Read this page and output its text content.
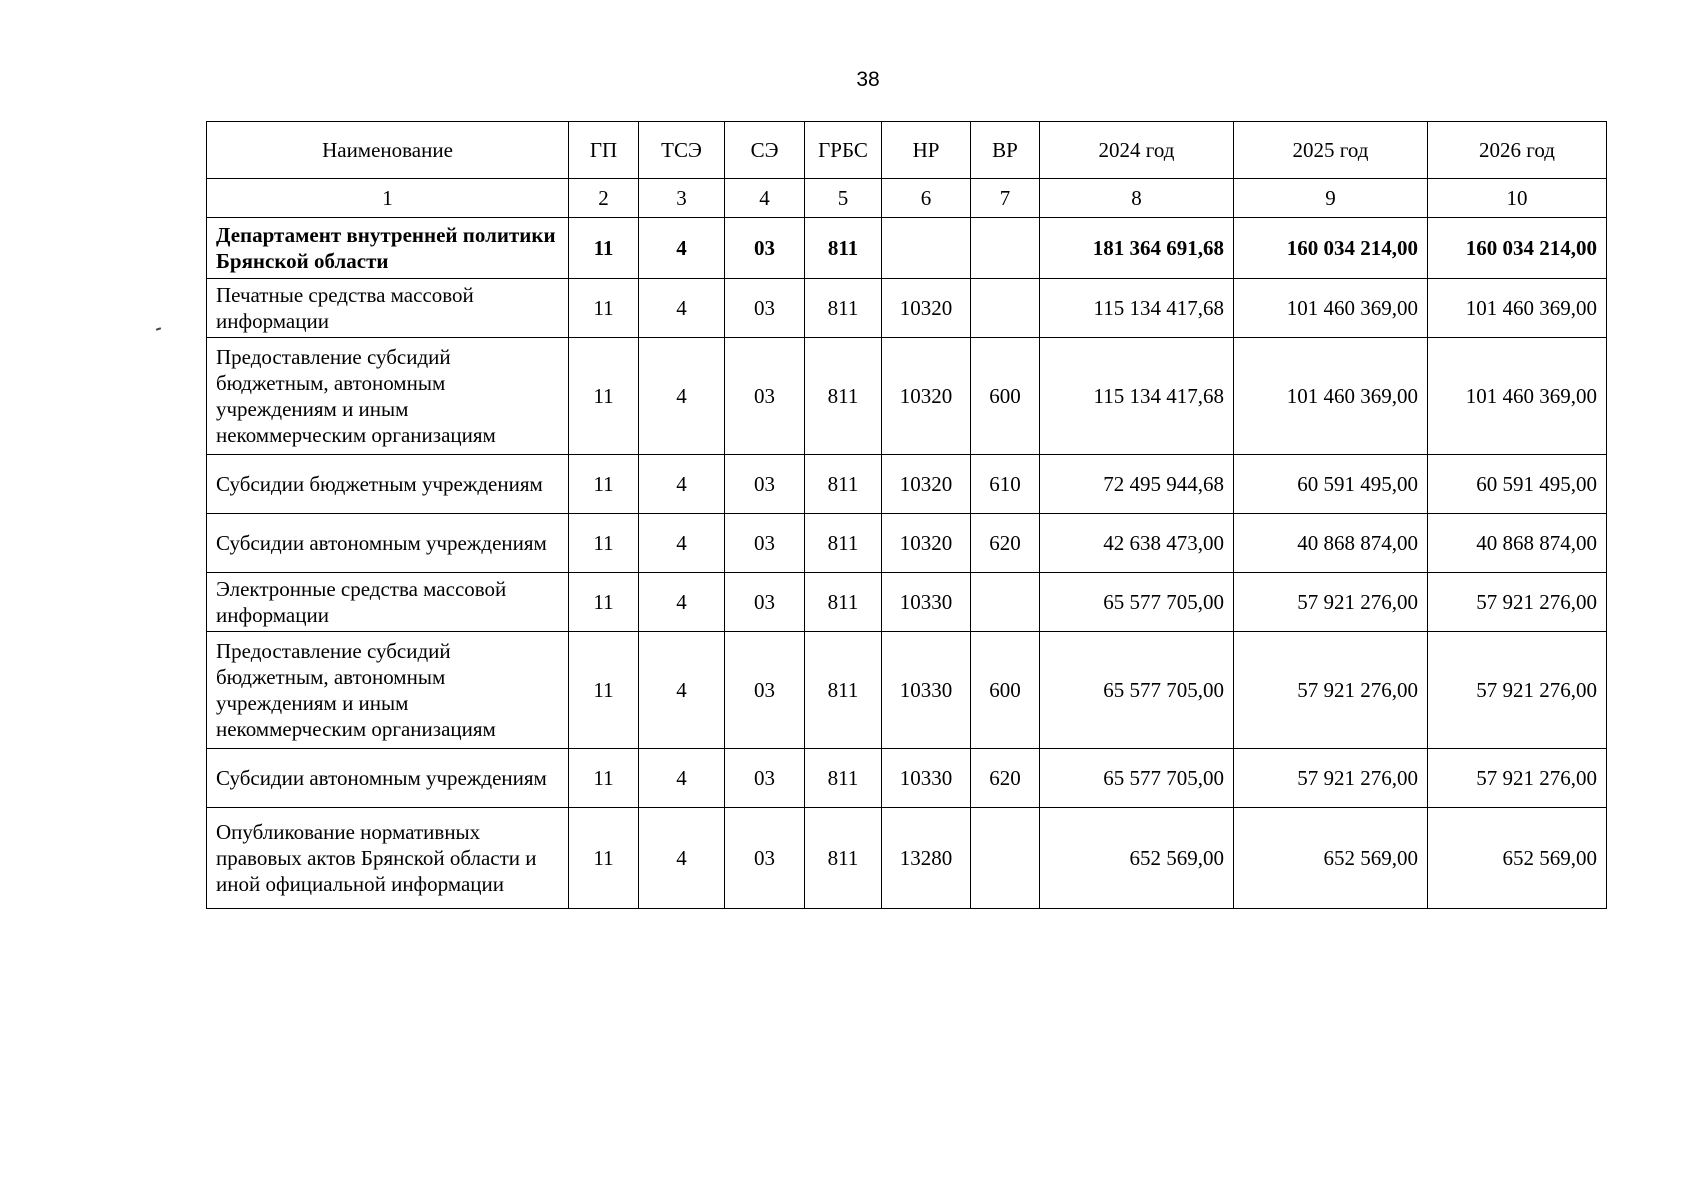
38
Наименование	ГП	ТСЭ	СЭ	ГРБС	НР	ВР	2024 год	2025 год	2026 год
1	2	3	4	5	6	7	8	9	10
Департамент внутренней политики Брянской области	11	4	03	811			181 364 691,68	160 034 214,00	160 034 214,00
Печатные средства массовой информации	11	4	03	811	10320		115 134 417,68	101 460 369,00	101 460 369,00
Предоставление субсидий бюджетным, автономным учреждениям и иным некоммерческим организациям	11	4	03	811	10320	600	115 134 417,68	101 460 369,00	101 460 369,00
Субсидии бюджетным учреждениям	11	4	03	811	10320	610	72 495 944,68	60 591 495,00	60 591 495,00
Субсидии автономным учреждениям	11	4	03	811	10320	620	42 638 473,00	40 868 874,00	40 868 874,00
Электронные средства массовой информации	11	4	03	811	10330		65 577 705,00	57 921 276,00	57 921 276,00
Предоставление субсидий бюджетным, автономным учреждениям и иным некоммерческим организациям	11	4	03	811	10330	600	65 577 705,00	57 921 276,00	57 921 276,00
Субсидии автономным учреждениям	11	4	03	811	10330	620	65 577 705,00	57 921 276,00	57 921 276,00
Опубликование нормативных правовых актов Брянской области и иной официальной информации	11	4	03	811	13280		652 569,00	652 569,00	652 569,00
